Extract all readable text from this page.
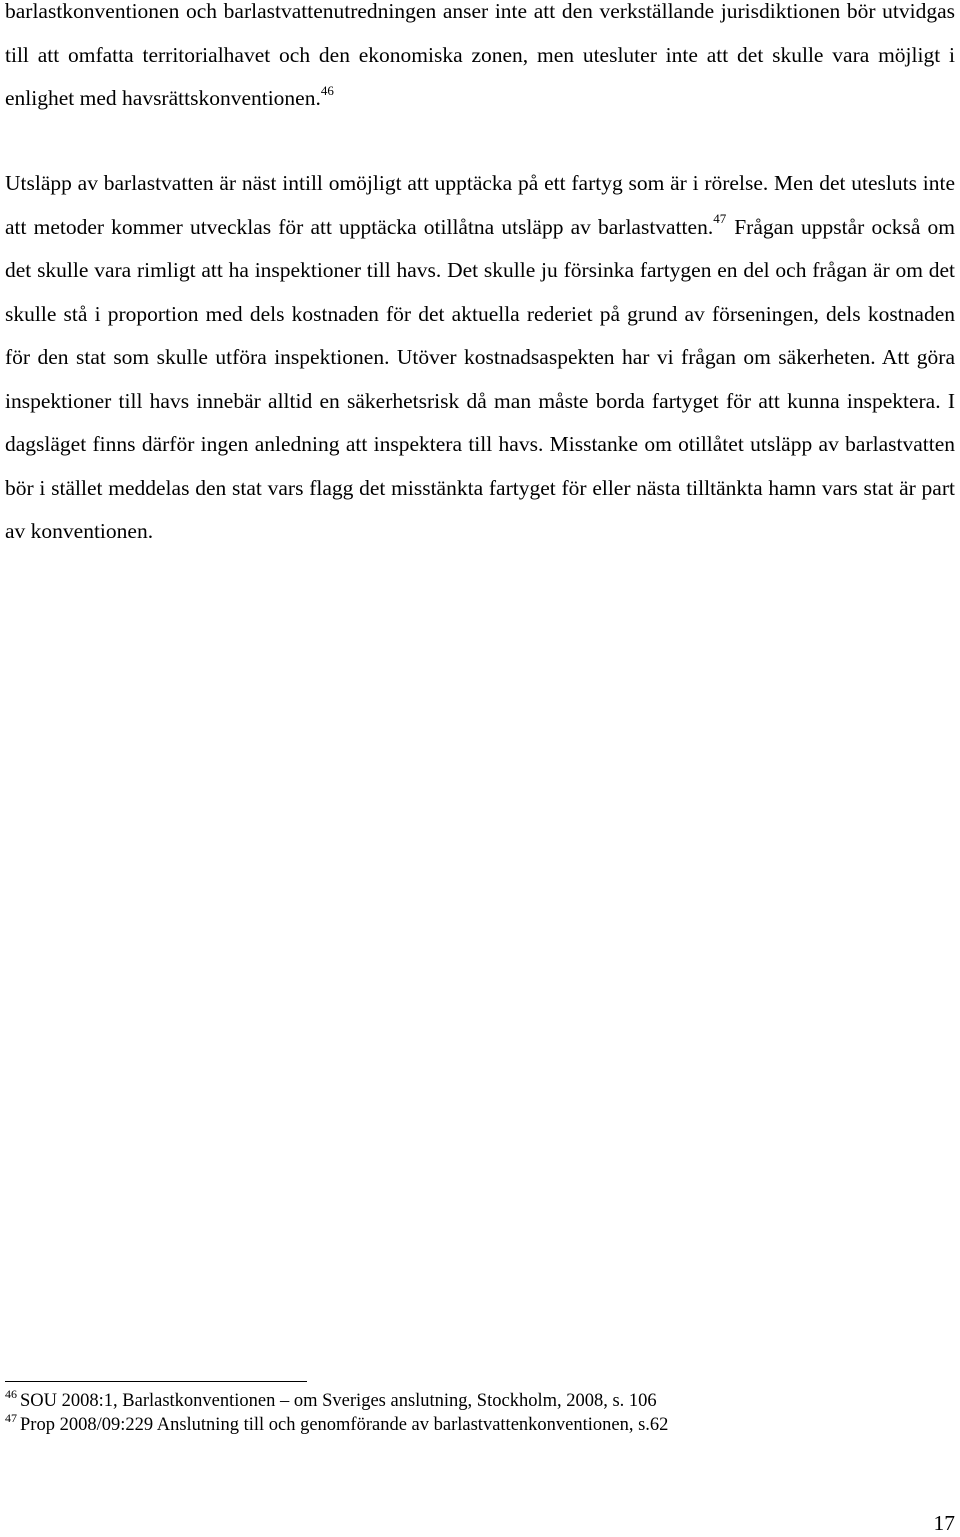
barlastkonventionen och barlastvattenutredningen anser inte att den verkställande jurisdiktionen bör utvidgas till att omfatta territorialhavet och den ekonomiska zonen, men utesluter inte att det skulle vara möjligt i enlighet med havsrättskonventionen.$^{46}$

Utsläpp av barlastvatten är näst intill omöjligt att upptäcka på ett fartyg som är i rörelse. Men det utesluts inte att metoder kommer utvecklas för att upptäcka otillåtna utsläpp av barlastvatten.$^{47}$ Frågan uppstår också om det skulle vara rimligt att ha inspektioner till havs. Det skulle ju försinka fartygen en del och frågan är om det skulle stå i proportion med dels kostnaden för det aktuella rederiet på grund av förseningen, dels kostnaden för den stat som skulle utföra inspektionen. Utöver kostnadsaspekten har vi frågan om säkerheten. Att göra inspektioner till havs innebär alltid en säkerhetsrisk då man måste borda fartyget för att kunna inspektera. I dagsläget finns därför ingen anledning att inspektera till havs. Misstanke om otillåtet utsläpp av barlastvatten bör i stället meddelas den stat vars flagg det misstänkta fartyget för eller nästa tilltänkta hamn vars stat är part av konventionen.

$^{46}$ SOU 2008:1, Barlastkonventionen – om Sveriges anslutning, Stockholm, 2008, s. 106

$^{47}$ Prop 2008/09:229 Anslutning till och genomförande av barlastvattenkonventionen, s.62

17
